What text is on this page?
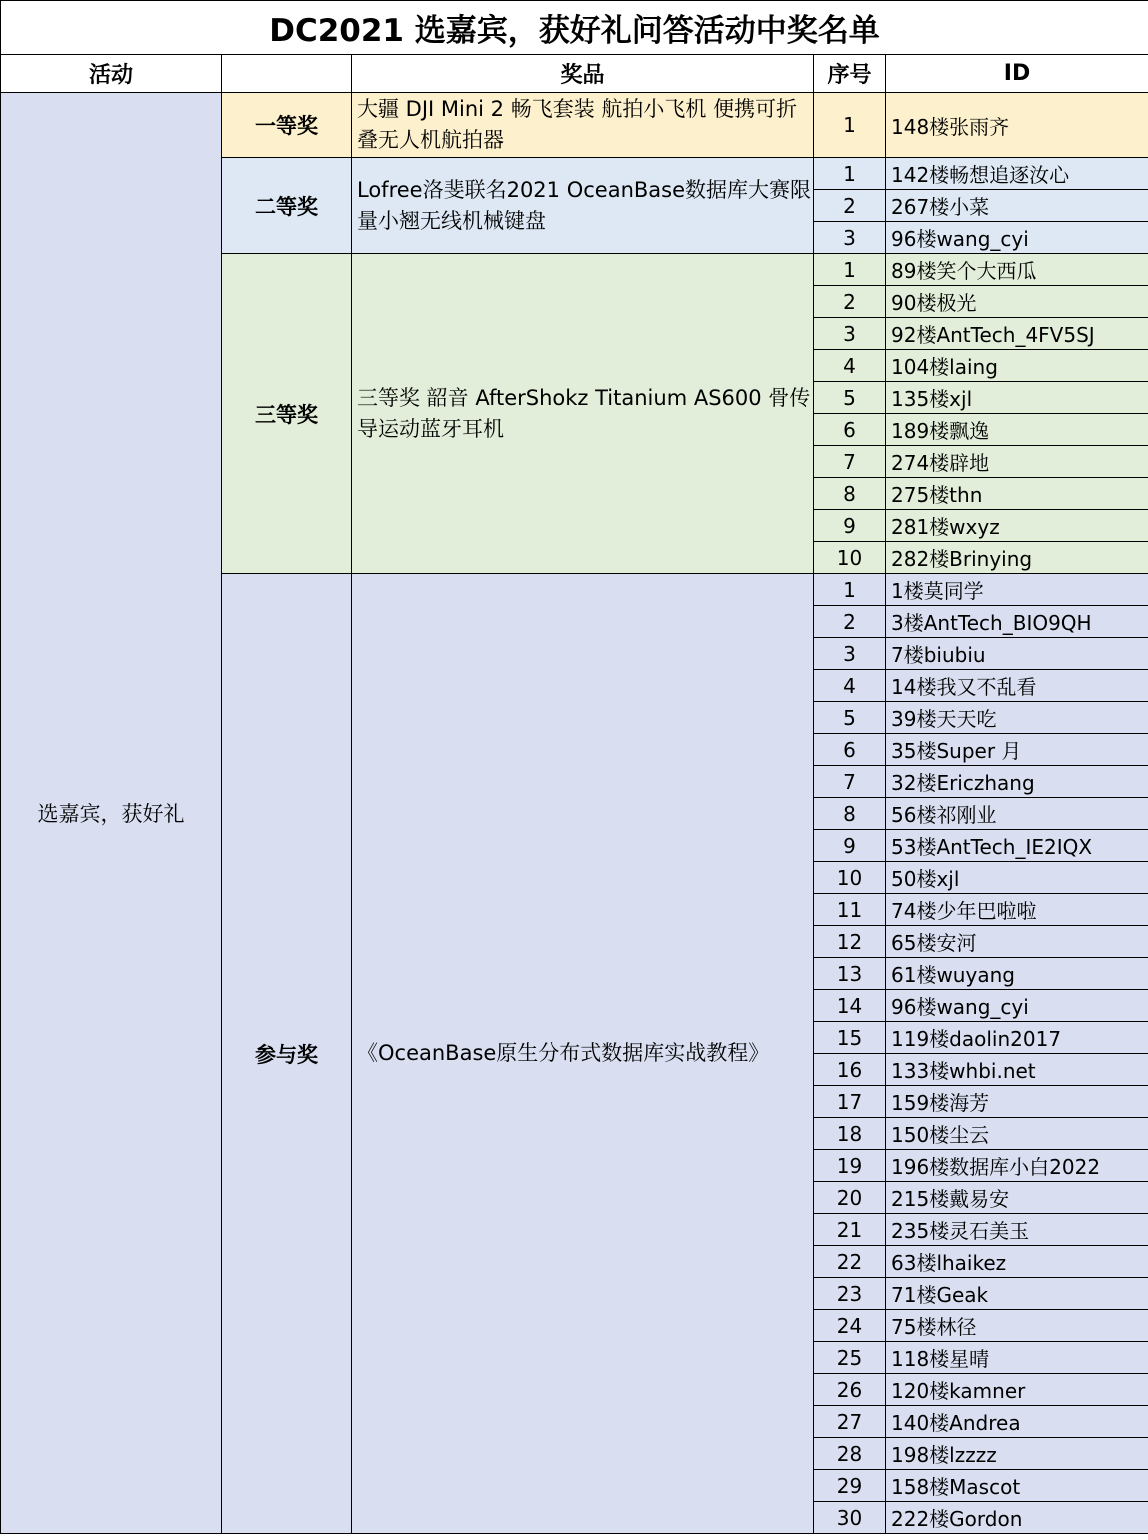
DC2021 选嘉宾，获好礼问答活动中奖名单				
活动		奖品	序号	ID
选嘉宾，获好礼	一等奖	大疆 DJI Mini 2 畅飞套装 航拍小飞机 便携可折叠无人机航拍器	1	148楼张雨齐
	二等奖	Lofree洛斐联名2021 OceanBase数据库大赛限量小翘无线机械键盘	1	142楼畅想追逐汝心
			2	267楼小菜
			3	96楼wang_cyi
	三等奖	三等奖 韶音 AfterShokz Titanium AS600 骨传导运动蓝牙耳机	1	89楼笑个大西瓜
			2	90楼极光
			3	92楼AntTech_4FV5SJ
			4	104楼laing
			5	135楼xjl
			6	189楼飘逸
			7	274楼辟地
			8	275楼thn
			9	281楼wxyz
			10	282楼Brinying
	参与奖	《OceanBase原生分布式数据库实战教程》	1	1楼莫同学
			2	3楼AntTech_BIO9QH
			3	7楼biubiu
			4	14楼我又不乱看
			5	39楼天天吃
			6	35楼Super 月
			7	32楼Ericzhang
			8	56楼祁刚业
			9	53楼AntTech_IE2IQX
			10	50楼xjl
			11	74楼少年巴啦啦
			12	65楼安河
			13	61楼wuyang
			14	96楼wang_cyi
			15	119楼daolin2017
			16	133楼whbi.net
			17	159楼海芳
			18	150楼尘云
			19	196楼数据库小白2022
			20	215楼戴易安
			21	235楼灵石美玉
			22	63楼lhaikez
			23	71楼Geak
			24	75楼林径
			25	118楼星晴
			26	120楼kamner
			27	140楼Andrea
			28	198楼lzzzz
			29	158楼Mascot
			30	222楼Gordon
